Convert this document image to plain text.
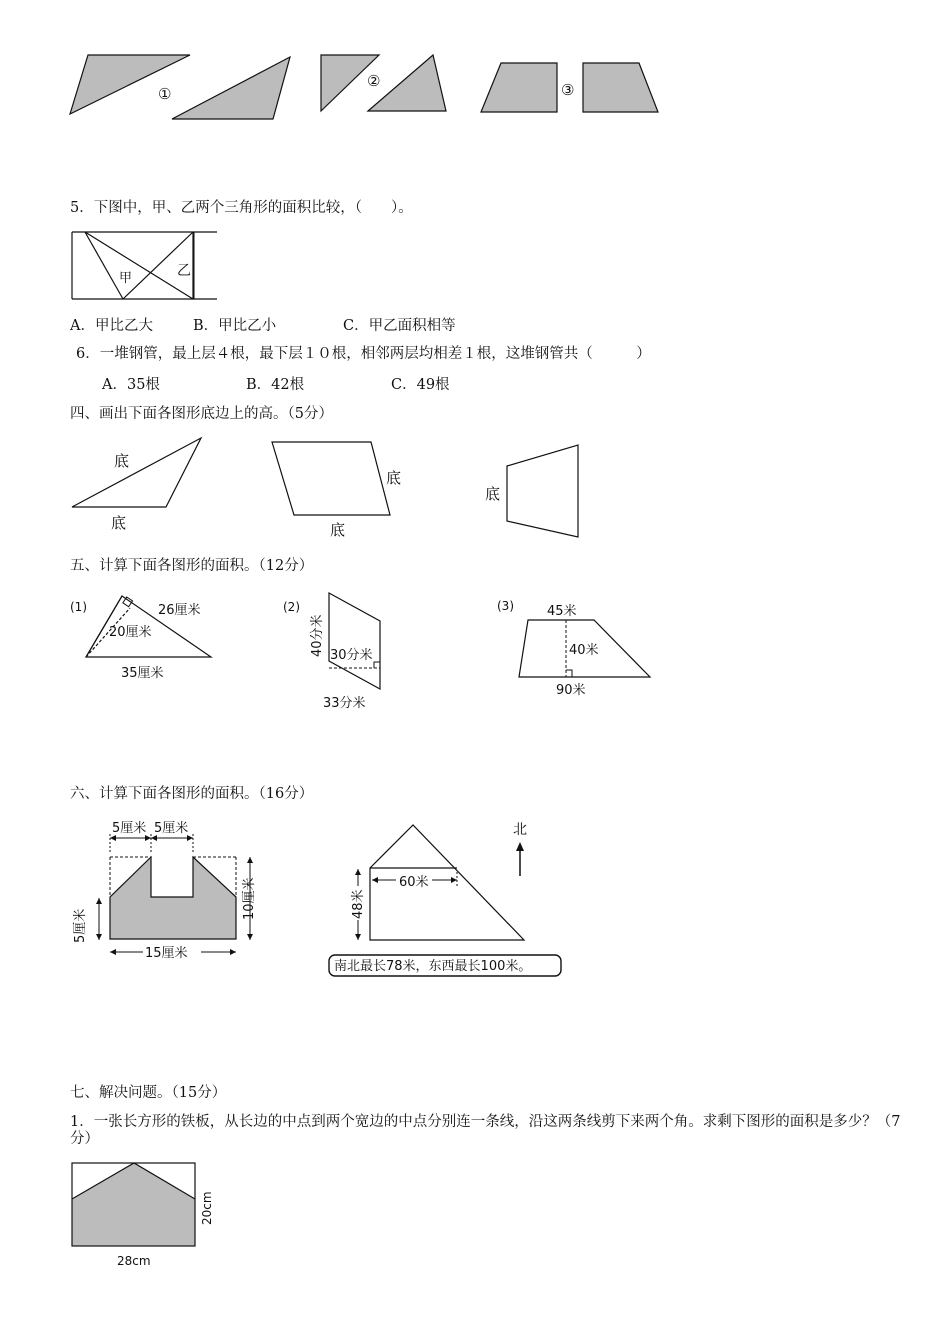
①
②	③
甲	乙
底
底
底
底
底
(1)	26厘米
20厘米
35厘米
(2)
30分米
33分米
40分米
(3)	45米
40米
90米
5厘米 5厘米
5厘米
10厘米
15厘米
60米
48米
北
南北最长78米，东西最长100米。
28cm
20cm
5．下图中，甲、乙两个三角形的面积比较，（　　）。
A．甲比乙大	B．甲比乙小	C．甲乙面积相等
6．一堆钢管，最上层４根，最下层１０根，相邻两层均相差１根，这堆钢管共（　　　）
A．35根	B．42根	C．49根
四、画出下面各图形底边上的高。（5分）
五、计算下面各图形的面积。（12分）
六、计算下面各图形的面积。（16分）
七、解决问题。（15分）
1．一张长方形的铁板，从长边的中点到两个宽边的中点分别连一条线，沿这两条线剪下来两个角。求剩下图形的面积是多少？（7分）
